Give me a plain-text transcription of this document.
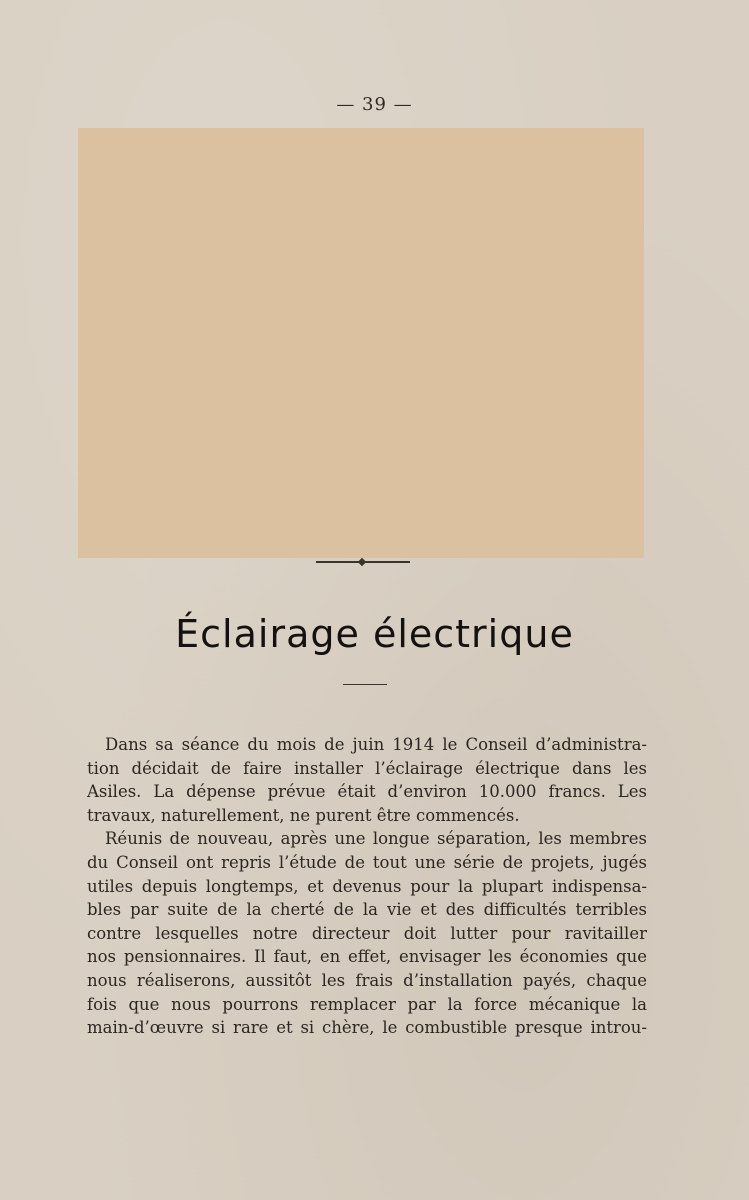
— 39 —
Éclairage électrique
Dans sa séance du mois de juin 1914 le Conseil d’administra-
tion décidait de faire installer l’éclairage électrique dans les
Asiles. La dépense prévue était d’environ 10.000 francs. Les
travaux, naturellement, ne purent être commencés.
Réunis de nouveau, après une longue séparation, les membres
du Conseil ont repris l’étude de tout une série de projets, jugés
utiles depuis longtemps, et devenus pour la plupart indispensa-
bles par suite de la cherté de la vie et des difficultés terribles
contre lesquelles notre directeur doit lutter pour ravitailler
nos pensionnaires. Il faut, en effet, envisager les économies que
nous réaliserons, aussitôt les frais d’installation payés, chaque
fois que nous pourrons remplacer par la force mécanique la
main-d’œuvre si rare et si chère, le combustible presque introu-
